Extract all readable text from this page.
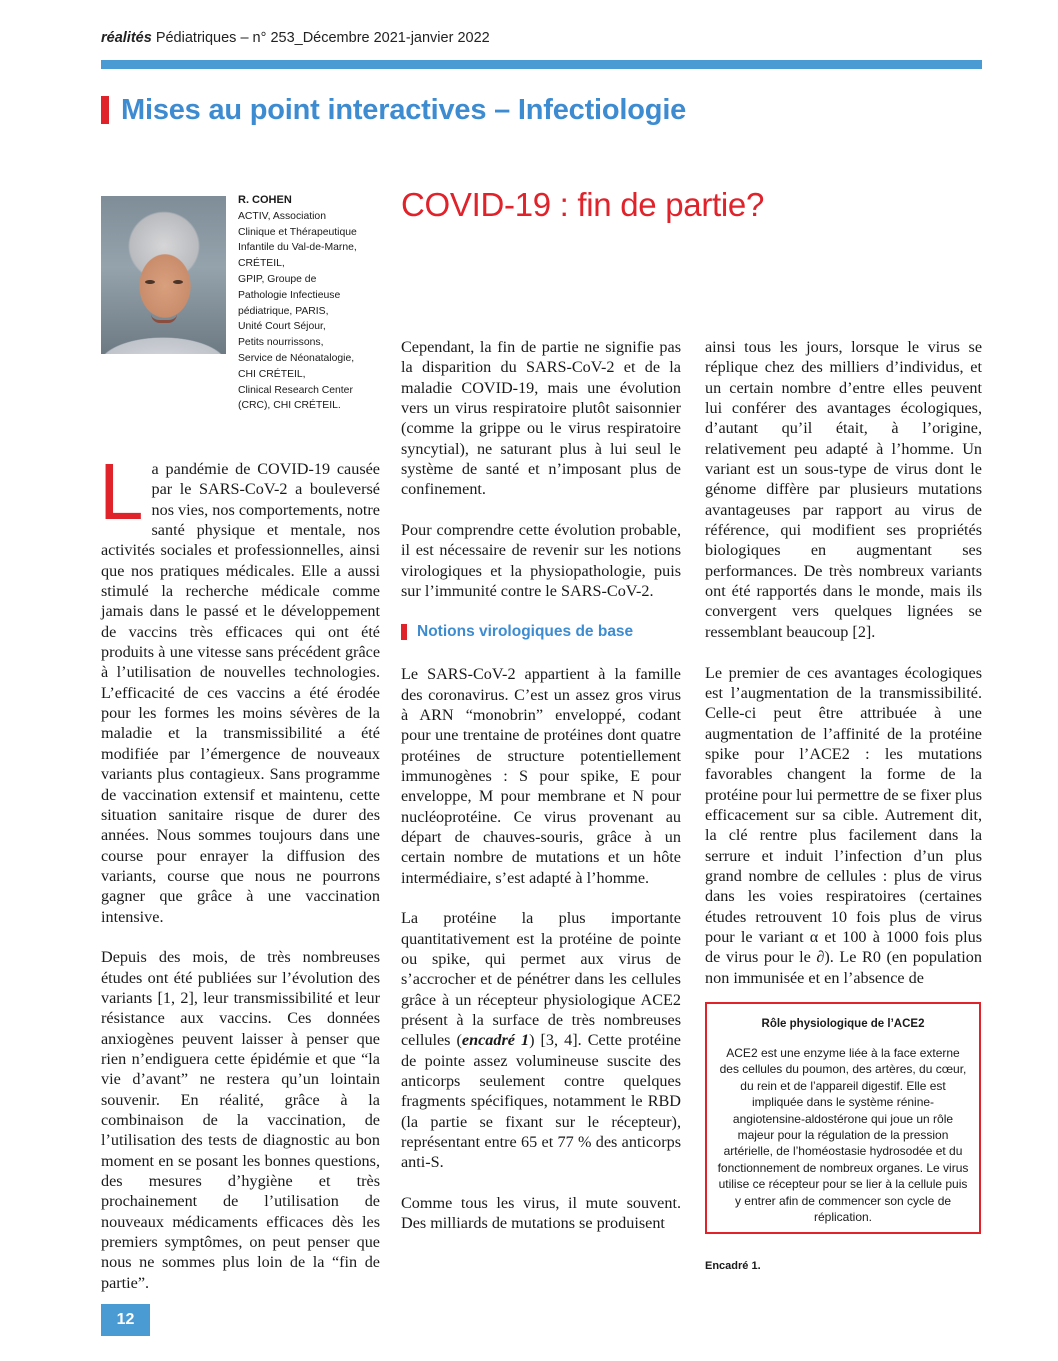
réalités Pédiatriques – n° 253_Décembre 2021-janvier 2022
Mises au point interactives – Infectiologie
R. COHEN
ACTIV, Association
Clinique et Thérapeutique
Infantile du Val-de-Marne,
CRÉTEIL,
GPIP, Groupe de
Pathologie Infectieuse
pédiatrique, PARIS,
Unité Court Séjour,
Petits nourrissons,
Service de Néonatalogie,
CHI CRÉTEIL,
Clinical Research Center
(CRC), CHI CRÉTEIL.
COVID-19 : fin de partie?

La pandémie de COVID-19 causée par le SARS-CoV-2 a bouleversé nos vies, nos comportements, notre santé physique et mentale, nos activités sociales et professionnelles, ainsi que nos pratiques médicales. Elle a aussi stimulé la recherche médicale comme jamais dans le passé et le développement de vaccins très efficaces qui ont été produits à une vitesse sans précédent grâce à l’utilisation de nouvelles technologies. L’efficacité de ces vaccins a été érodée pour les formes les moins sévères de la maladie et la transmissibilité a été modifiée par l’émergence de nouveaux variants plus contagieux. Sans programme de vaccination extensif et maintenu, cette situation sanitaire risque de durer des années. Nous sommes toujours dans une course pour enrayer la diffusion des variants, course que nous ne pourrons gagner que grâce à une vaccination intensive.

Depuis des mois, de très nombreuses études ont été publiées sur l’évolution des variants [1, 2], leur transmissibilité et leur résistance aux vaccins. Ces données anxiogènes peuvent laisser à penser que rien n’endiguera cette épidémie et que “la vie d’avant” ne restera qu’un lointain souvenir. En réalité, grâce à la combinaison de la vaccination, de l’utilisation des tests de diagnostic au bon moment en se posant les bonnes questions, des mesures d’hygiène et très prochainement de l’utilisation de nouveaux médicaments efficaces dès les premiers symptômes, on peut penser que nous ne sommes plus loin de la “fin de partie”.

Cependant, la fin de partie ne signifie pas la disparition du SARS-CoV-2 et de la maladie COVID-19, mais une évolution vers un virus respiratoire plutôt saisonnier (comme la grippe ou le virus respiratoire syncytial), ne saturant plus à lui seul le système de santé et n’imposant plus de confinement.

Pour comprendre cette évolution probable, il est nécessaire de revenir sur les notions virologiques et la physiopathologie, puis sur l’immunité contre le SARS-CoV-2.

Notions virologiques de base

Le SARS-CoV-2 appartient à la famille des coronavirus. C’est un assez gros virus à ARN “monobrin” enveloppé, codant pour une trentaine de protéines dont quatre protéines de structure potentiellement immunogènes : S pour spike, E pour enveloppe, M pour membrane et N pour nucléoprotéine. Ce virus provenant au départ de chauves-souris, grâce à un certain nombre de mutations et un hôte intermédiaire, s’est adapté à l’homme.

La protéine la plus importante quantitativement est la protéine de pointe ou spike, qui permet aux virus de s’accrocher et de pénétrer dans les cellules grâce à un récepteur physiologique ACE2 présent à la surface de très nombreuses cellules (encadré 1) [3, 4]. Cette protéine de pointe assez volumineuse suscite des anticorps seulement contre quelques fragments spécifiques, notamment le RBD (la partie se fixant sur le récepteur), représentant entre 65 et 77 % des anticorps anti-S.

Comme tous les virus, il mute souvent. Des milliards de mutations se produisent

ainsi tous les jours, lorsque le virus se réplique chez des milliers d’individus, et un certain nombre d’entre elles peuvent lui conférer des avantages écologiques, d’autant qu’il était, à l’origine, relativement peu adapté à l’homme. Un variant est un sous-type de virus dont le génome diffère par plusieurs mutations avantageuses par rapport au virus de référence, qui modifient ses propriétés biologiques en augmentant ses performances. De très nombreux variants ont été rapportés dans le monde, mais ils convergent vers quelques lignées se ressemblant beaucoup [2].

Le premier de ces avantages écologiques est l’augmentation de la transmissibilité. Celle-ci peut être attribuée à une augmentation de l’affinité de la protéine spike pour l’ACE2 : les mutations favorables changent la forme de la protéine pour lui permettre de se fixer plus efficacement sur sa cible. Autrement dit, la clé rentre plus facilement dans la serrure et induit l’infection d’un plus grand nombre de cellules : plus de virus dans les voies respiratoires (certaines études retrouvent 10 fois plus de virus pour le variant α et 100 à 1000 fois plus de virus pour le ∂). Le R0 (en population non immunisée et en l’absence de

Rôle physiologique de l’ACE2
ACE2 est une enzyme liée à la face externe des cellules du poumon, des artères, du cœur, du rein et de l’appareil digestif. Elle est impliquée dans le système rénine-angiotensine-aldostérone qui joue un rôle majeur pour la régulation de la pression artérielle, de l’homéostasie hydrosodée et du fonctionnement de nombreux organes. Le virus utilise ce récepteur pour se lier à la cellule puis y entrer afin de commencer son cycle de réplication.
Encadré 1.
12
